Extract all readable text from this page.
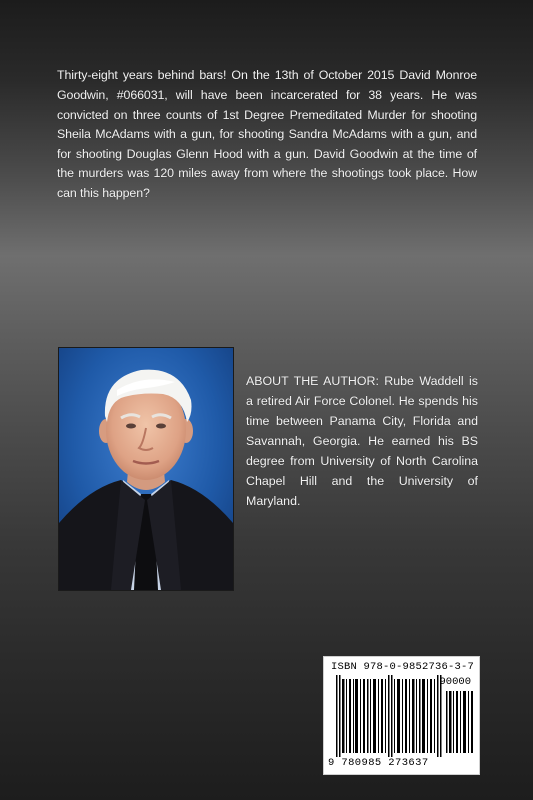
Thirty-eight years behind bars! On the 13th of October 2015 David Monroe Goodwin, #066031, will have been incarcerated for 38 years. He was convicted on three counts of 1st Degree Premeditated Murder for shooting Sheila McAdams with a gun, for shooting Sandra McAdams with a gun, and for shooting Douglas Glenn Hood with a gun. David Goodwin at the time of the murders was 120 miles away from where the shootings took place. How can this happen?

ABOUT THE AUTHOR: Rube Waddell is a retired Air Force Colonel. He spends his time between Panama City, Florida and Savannah, Georgia. He earned his BS degree from University of North Carolina Chapel Hill and the University of Maryland.

ISBN 978-0-9852736-3-7
90000
9 780985 273637
